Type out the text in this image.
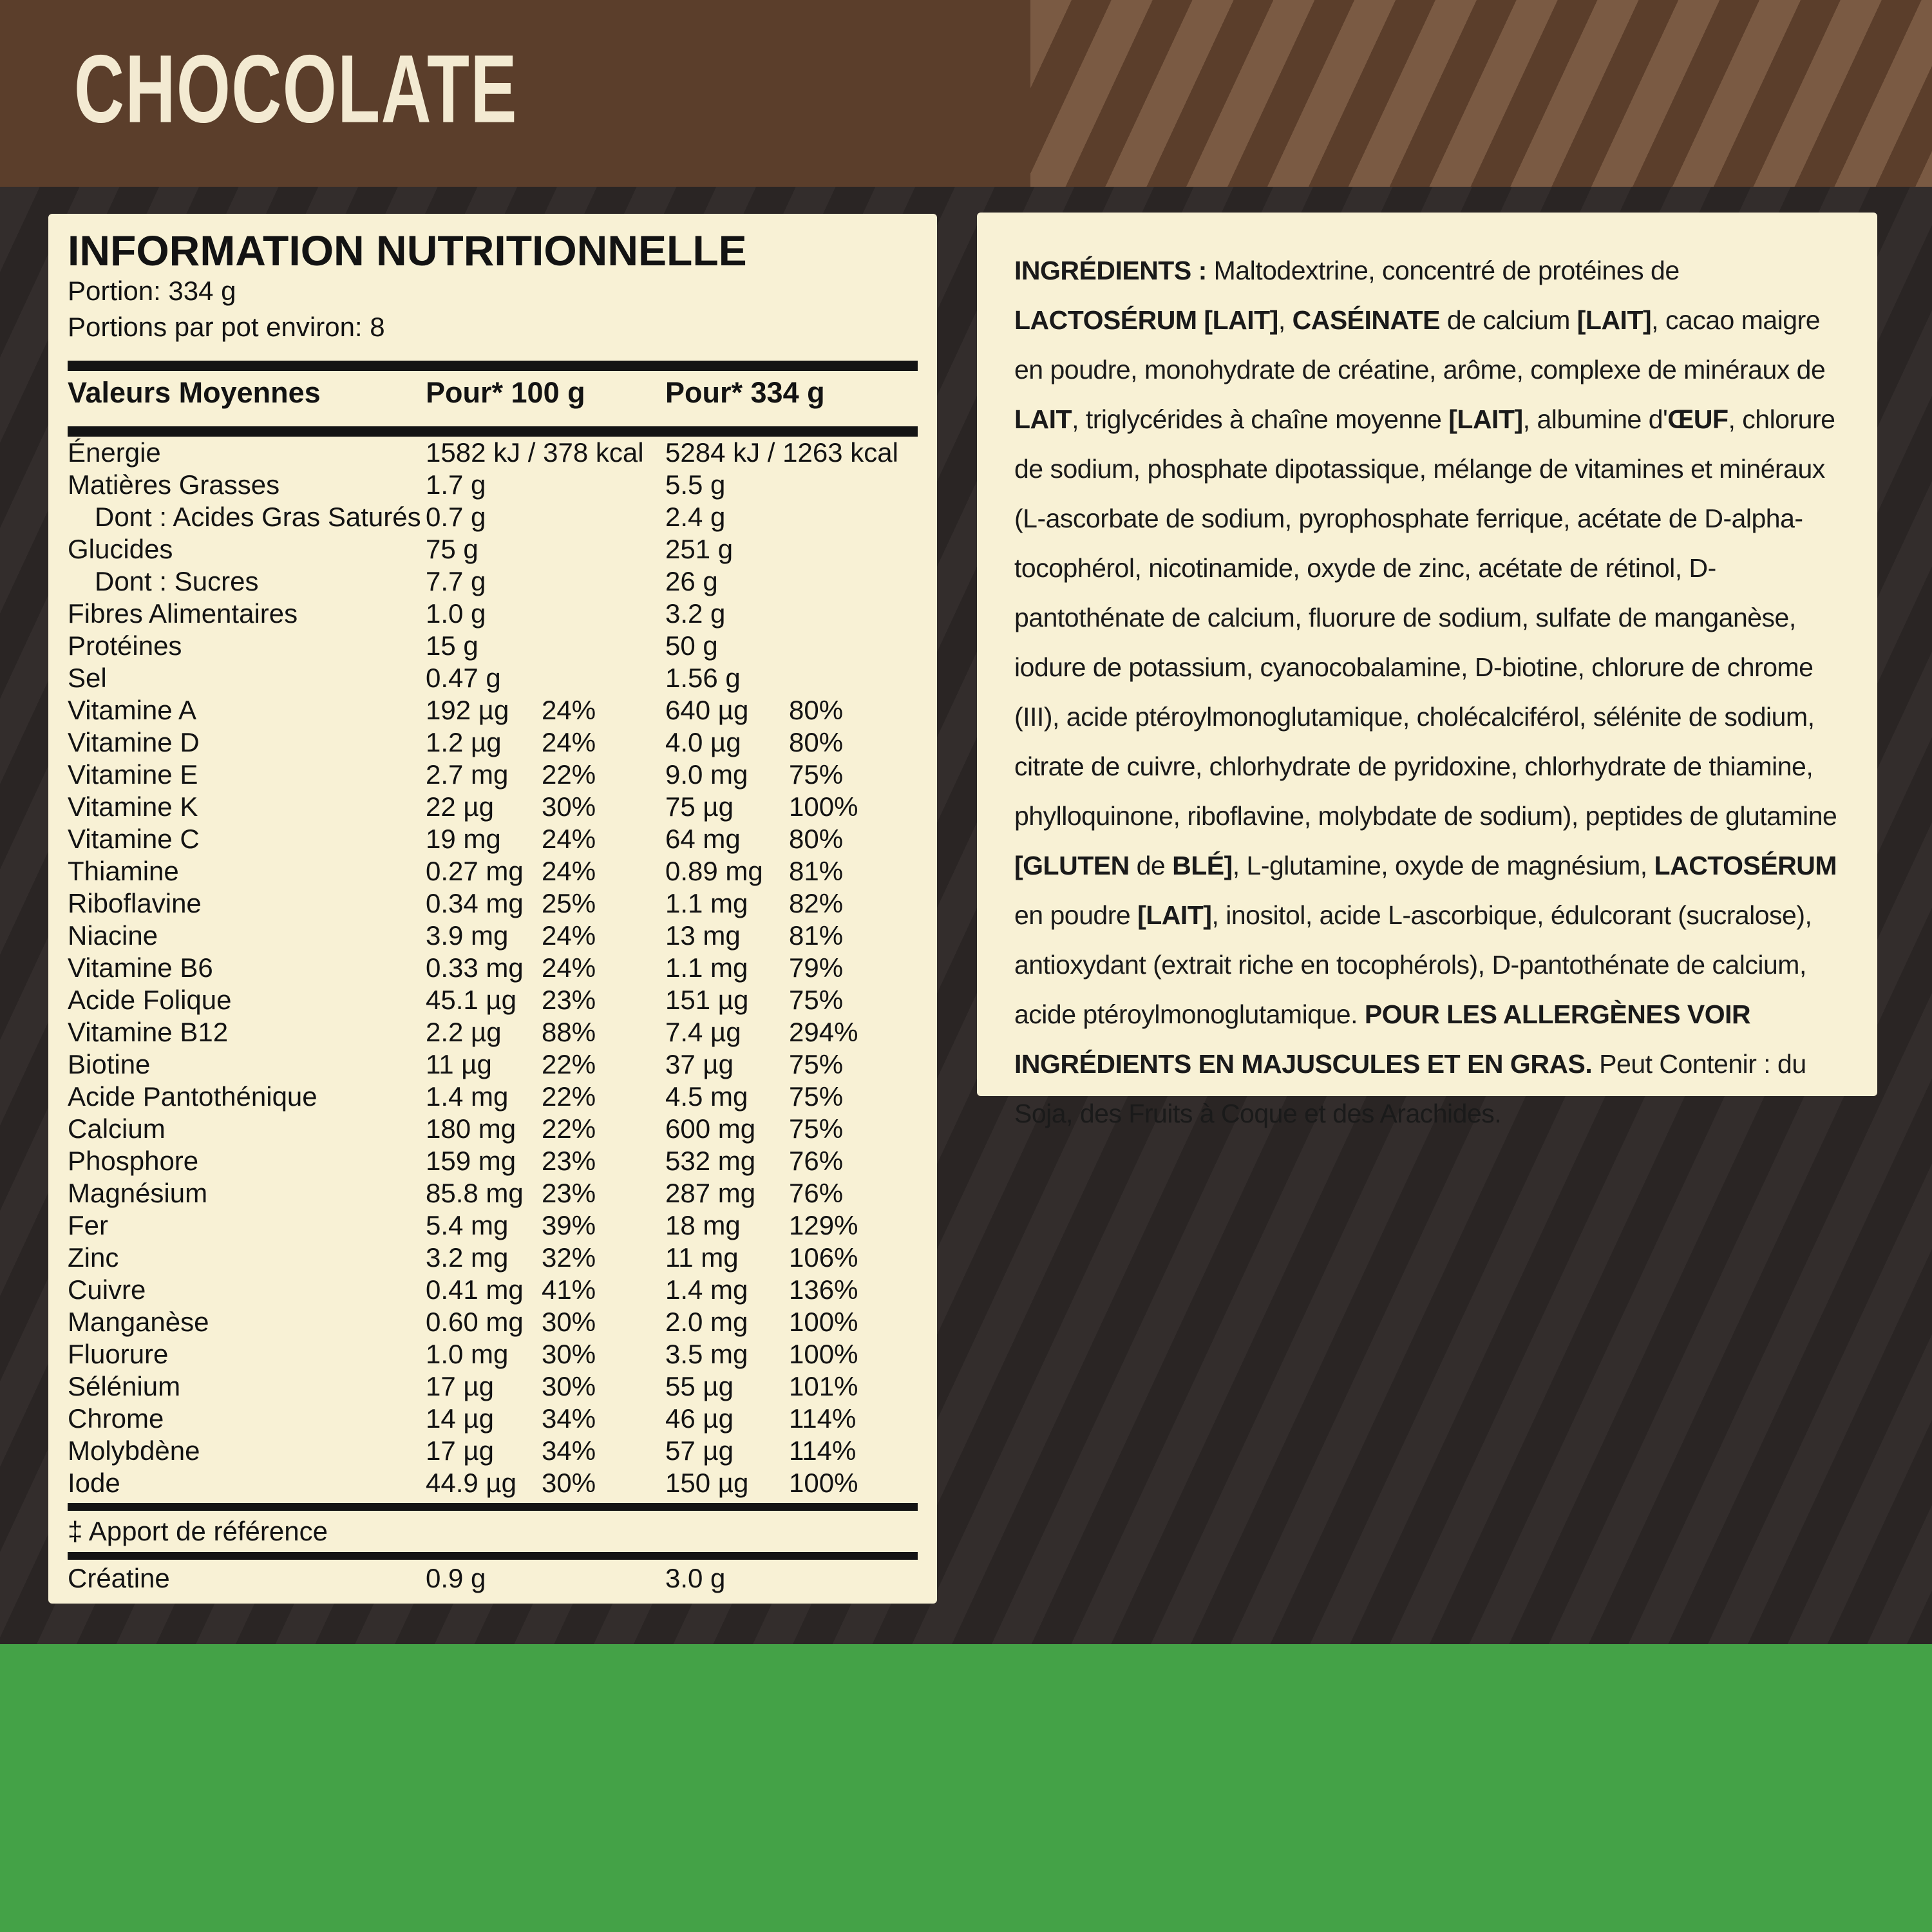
CHOCOLATE
INFORMATION NUTRITIONNELLE
Portion: 334 g
Portions par pot environ: 8
Valeurs Moyennes	Pour* 100 g	Pour* 334 g
Énergie	1582 kJ / 378 kcal 5284 kJ / 1263 kcal
Matières Grasses	1.7 g	5.5 g
Dont : Acides Gras Saturés 0.7 g	2.4 g
Glucides	75 g	251 g
Dont : Sucres	7.7 g	26 g
Fibres Alimentaires	1.0 g	3.2 g
Protéines	15 g	50 g
Sel	0.47 g	1.56 g
Vitamine A	192 µg	24%	640 µg	80%
Vitamine D	1.2 µg	24%	4.0 µg	80%
Vitamine E	2.7 mg	22%	9.0 mg	75%
Vitamine K	22 µg	30%	75 µg	100%
Vitamine C	19 mg	24%	64 mg	80%
Thiamine	0.27 mg 24%	0.89 mg 81%
Riboflavine	0.34 mg 25%	1.1 mg	82%
Niacine	3.9 mg	24%	13 mg	81%
Vitamine B6	0.33 mg 24%	1.1 mg	79%
Acide Folique	45.1 µg 23%	151 µg	75%
Vitamine B12	2.2 µg	88%	7.4 µg	294%
Biotine	11 µg	22%	37 µg	75%
Acide Pantothénique	1.4 mg	22%	4.5 mg	75%
Calcium	180 mg 22%	600 mg	75%
Phosphore	159 mg 23%	532 mg	76%
Magnésium	85.8 mg 23%	287 mg	76%
Fer	5.4 mg	39%	18 mg	129%
Zinc	3.2 mg	32%	11 mg	106%
Cuivre	0.41 mg 41%	1.4 mg	136%
Manganèse	0.60 mg 30%	2.0 mg	100%
Fluorure	1.0 mg	30%	3.5 mg	100%
Sélénium	17 µg	30%	55 µg	101%
Chrome	14 µg	34%	46 µg	114%
Molybdène	17 µg	34%	57 µg	114%
Iode	44.9 µg 30%	150 µg	100%
‡ Apport de référence
Créatine	0.9 g	3.0 g

INGRÉDIENTS : Maltodextrine, concentré de protéines de LACTOSÉRUM [LAIT], CASÉINATE de calcium [LAIT], cacao maigre en poudre, monohydrate de créatine, arôme, complexe de minéraux de LAIT, triglycérides à chaîne moyenne [LAIT], albumine d'ŒUF, chlorure de sodium, phosphate dipotassique, mélange de vitamines et minéraux (L-ascorbate de sodium, pyrophosphate ferrique, acétate de D-alpha-tocophérol, nicotinamide, oxyde de zinc, acétate de rétinol, D-pantothénate de calcium, fluorure de sodium, sulfate de manganèse, iodure de potassium, cyanocobalamine, D-biotine, chlorure de chrome (III), acide ptéroylmonoglutamique, cholécalciférol, sélénite de sodium, citrate de cuivre, chlorhydrate de pyridoxine, chlorhydrate de thiamine, phylloquinone, riboflavine, molybdate de sodium), peptides de glutamine [GLUTEN de BLÉ], L-glutamine, oxyde de magnésium, LACTOSÉRUM en poudre [LAIT], inositol, acide L-ascorbique, édulcorant (sucralose), antioxydant (extrait riche en tocophérols), D-pantothénate de calcium, acide ptéroylmonoglutamique. POUR LES ALLERGÈNES VOIR INGRÉDIENTS EN MAJUSCULES ET EN GRAS. Peut Contenir : du Soja, des Fruits à Coque et des Arachides.
